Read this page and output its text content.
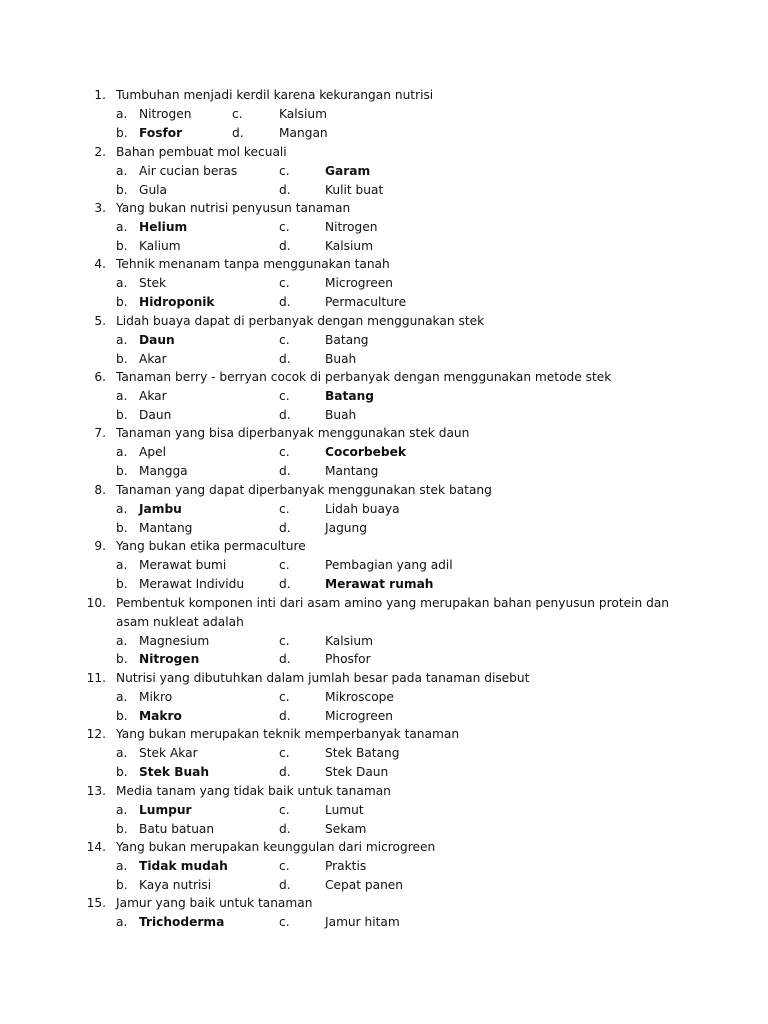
1. Tumbuhan menjadi kerdil karena kekurangan nutrisi
a. Nitrogen	c.	Kalsium
b. Fosfor	d.	Mangan
2. Bahan pembuat mol kecuali
a. Air cucian beras	c.	Garam
b. Gula	d.	Kulit buat
3. Yang bukan nutrisi penyusun tanaman
a. Helium	c.	Nitrogen
b. Kalium	d.	Kalsium
4. Tehnik menanam tanpa menggunakan tanah
a. Stek	c.	Microgreen
b. Hidroponik	d.	Permaculture
5. Lidah buaya dapat di perbanyak dengan menggunakan stek
a. Daun	c.	Batang
b. Akar	d.	Buah
6. Tanaman berry - berryan cocok di perbanyak dengan menggunakan metode stek
a. Akar	c.	Batang
b. Daun	d.	Buah
7. Tanaman yang bisa diperbanyak menggunakan stek daun
a. Apel	c.	Cocorbebek
b. Mangga	d.	Mantang
8. Tanaman yang dapat diperbanyak menggunakan stek batang
a. Jambu	c.	Lidah buaya
b. Mantang	d.	Jagung
9. Yang bukan etika permaculture
a. Merawat bumi	c.	Pembagian yang adil
b. Merawat Individu	d.	Merawat rumah
10. Pembentuk komponen inti dari asam amino yang merupakan bahan penyusun protein dan asam nukleat adalah
a. Magnesium	c.	Kalsium
b. Nitrogen	d.	Phosfor
11. Nutrisi yang dibutuhkan dalam jumlah besar pada tanaman disebut
a. Mikro	c.	Mikroscope
b. Makro	d.	Microgreen
12. Yang bukan merupakan teknik memperbanyak tanaman
a. Stek Akar	c.	Stek Batang
b. Stek Buah	d.	Stek Daun
13. Media tanam yang tidak baik untuk tanaman
a. Lumpur	c.	Lumut
b. Batu batuan	d.	Sekam
14. Yang bukan merupakan keunggulan dari microgreen
a. Tidak mudah	c.	Praktis
b. Kaya nutrisi	d.	Cepat panen
15. Jamur yang baik untuk tanaman
a. Trichoderma	c.	Jamur hitam
